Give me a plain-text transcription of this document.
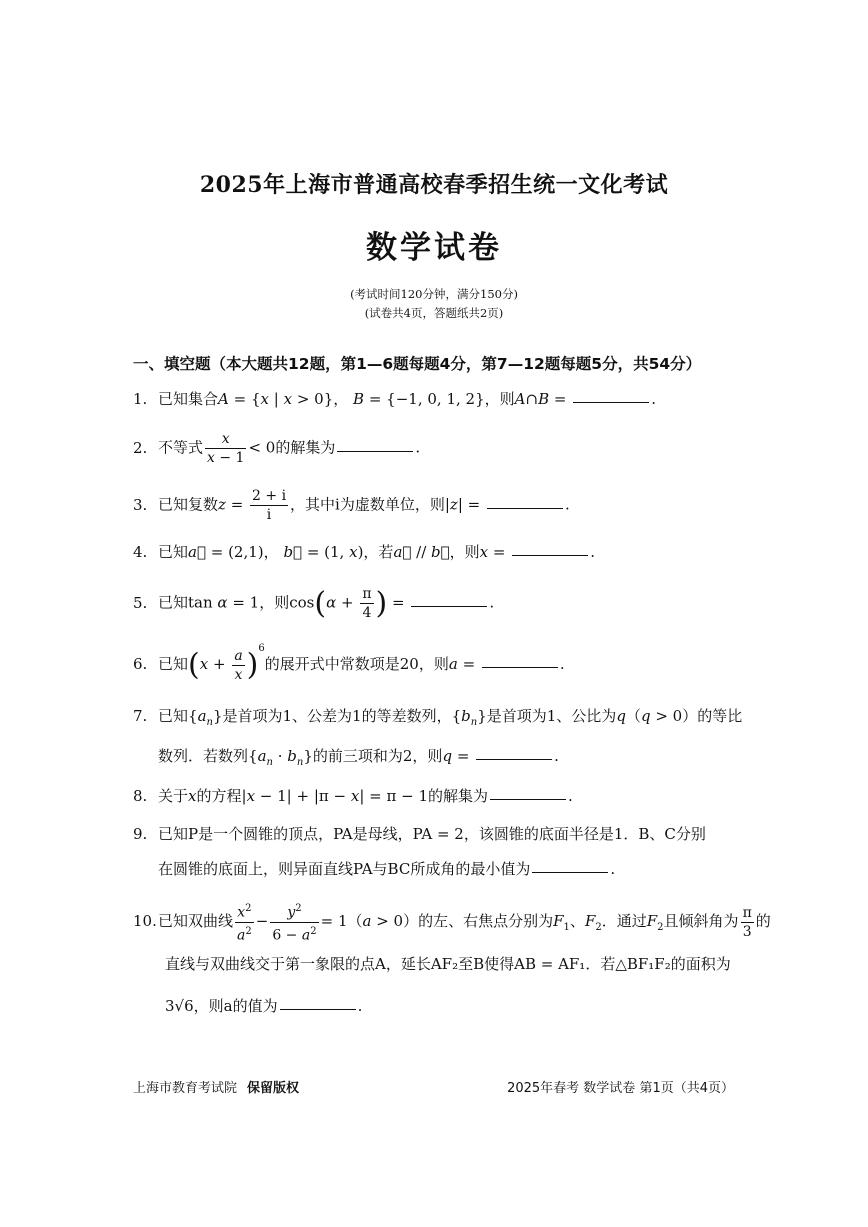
2025年上海市普通高校春季招生统一文化考试
数学试卷
(考试时间120分钟，满分150分)
(试卷共4页，答题纸共2页)
一、填空题（本大题共12题，第1—6题每题4分，第7—12题每题5分，共54分）
1. 已知集合A = {x | x > 0}， B = {−1, 0, 1, 2}，则A∩B =	.
2. 不等式 $\frac{x}{x - 1} < 0$的解集为	.
3. 已知复数$z = \frac{2 + i}{i}$ ，其中i为虚数单位，则|z| =	.
4. 已知a⃗ = (2,1)， b⃗ = (1, x)，若a⃗ // b⃗，则x =	.
5. 已知tan α = 1，则$\cos(\alpha + \frac{\pi}{4}$ ) =	.
6. 已知$(x + \frac{a}{x} )^6$的展开式中常数项是20，则a =	.
7. 已知$\{a_n\}$是首项为1、公差为1的等差数列，$\{b_n\}$是首项为1、公比为q（q > 0）的等比
数列．若数列$\{a_n \cdot b_n\}$的前三项和为2，则q =	.
8. 关于x的方程|x − 1| + |π − x| = π − 1的解集为	.
9. 已知P是一个圆锥的顶点，PA是母线，PA = 2，该圆锥的底面半径是1．B、C分别
在圆锥的底面上，则异面直线PA与BC所成角的最小值为	.
10.已知双曲线 $\frac{x^2}{a^2} - \frac{y^2}{6 - a^2} = 1(a > 0)$的左、右焦点分别为$F_1$、$F_2$．通过$F_2$且倾斜角为 $\frac{\pi}{3}$ 的
直线与双曲线交于第一象限的点A，延长AF₂至B使得AB = AF₁．若△BF₁F₂的面积为
3√6，则a的值为	.
上海市教育考试院 保留版权	2025年春考 数学试卷 第1页（共4页）
